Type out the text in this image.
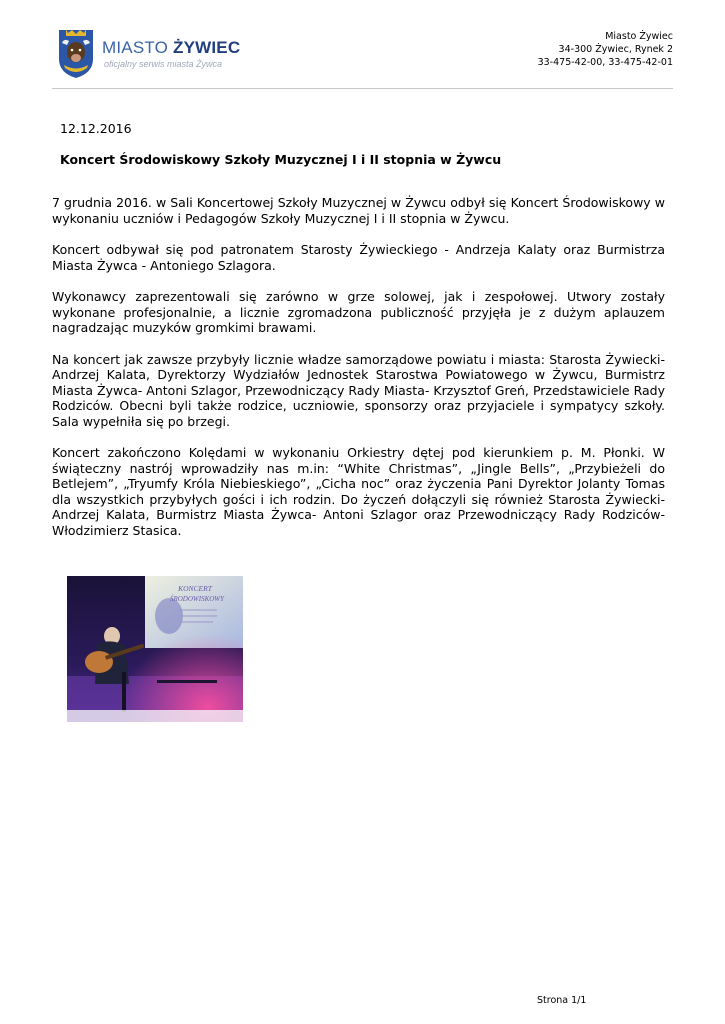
MIASTO ŻYWIEC
oficjalny serwis miasta Żywca
Miasto Żywiec
34-300 Żywiec, Rynek 2
33-475-42-00, 33-475-42-01
12.12.2016
Koncert Środowiskowy Szkoły Muzycznej I i II stopnia w Żywcu

7 grudnia 2016. w Sali Koncertowej Szkoły Muzycznej w Żywcu odbył się Koncert Środowiskowy w wykonaniu uczniów i Pedagogów Szkoły Muzycznej I i II stopnia w Żywcu.

Koncert odbywał się pod patronatem Starosty Żywieckiego - Andrzeja Kalaty oraz Burmistrza Miasta Żywca - Antoniego Szlagora.

Wykonawcy zaprezentowali się zarówno w grze solowej, jak i zespołowej. Utwory zostały wykonane profesjonalnie, a licznie zgromadzona publiczność przyjęła je z dużym aplauzem nagradzając muzyków gromkimi brawami.

Na koncert jak zawsze przybyły licznie władze samorządowe powiatu i miasta: Starosta Żywiecki- Andrzej Kalata, Dyrektorzy Wydziałów Jednostek Starostwa Powiatowego w Żywcu, Burmistrz Miasta Żywca- Antoni Szlagor, Przewodniczący Rady Miasta- Krzysztof Greń, Przedstawiciele Rady Rodziców. Obecni byli także rodzice, uczniowie, sponsorzy oraz przyjaciele i sympatycy szkoły. Sala wypełniła się po brzegi.

Koncert zakończono Kolędami w wykonaniu Orkiestry dętej pod kierunkiem p. M. Płonki. W świąteczny nastrój wprowadziły nas m.in: “White Christmas”, „Jingle Bells”, „Przybieżeli do Betlejem”, „Tryumfy Króla Niebieskiego”, „Cicha noc” oraz życzenia Pani Dyrektor Jolanty Tomas dla wszystkich przybyłych gości i ich rodzin. Do życzeń dołączyli się również Starosta Żywiecki- Andrzej Kalata, Burmistrz Miasta Żywca- Antoni Szlagor oraz Przewodniczący Rady Rodziców- Włodzimierz Stasica.

Strona 1/1
